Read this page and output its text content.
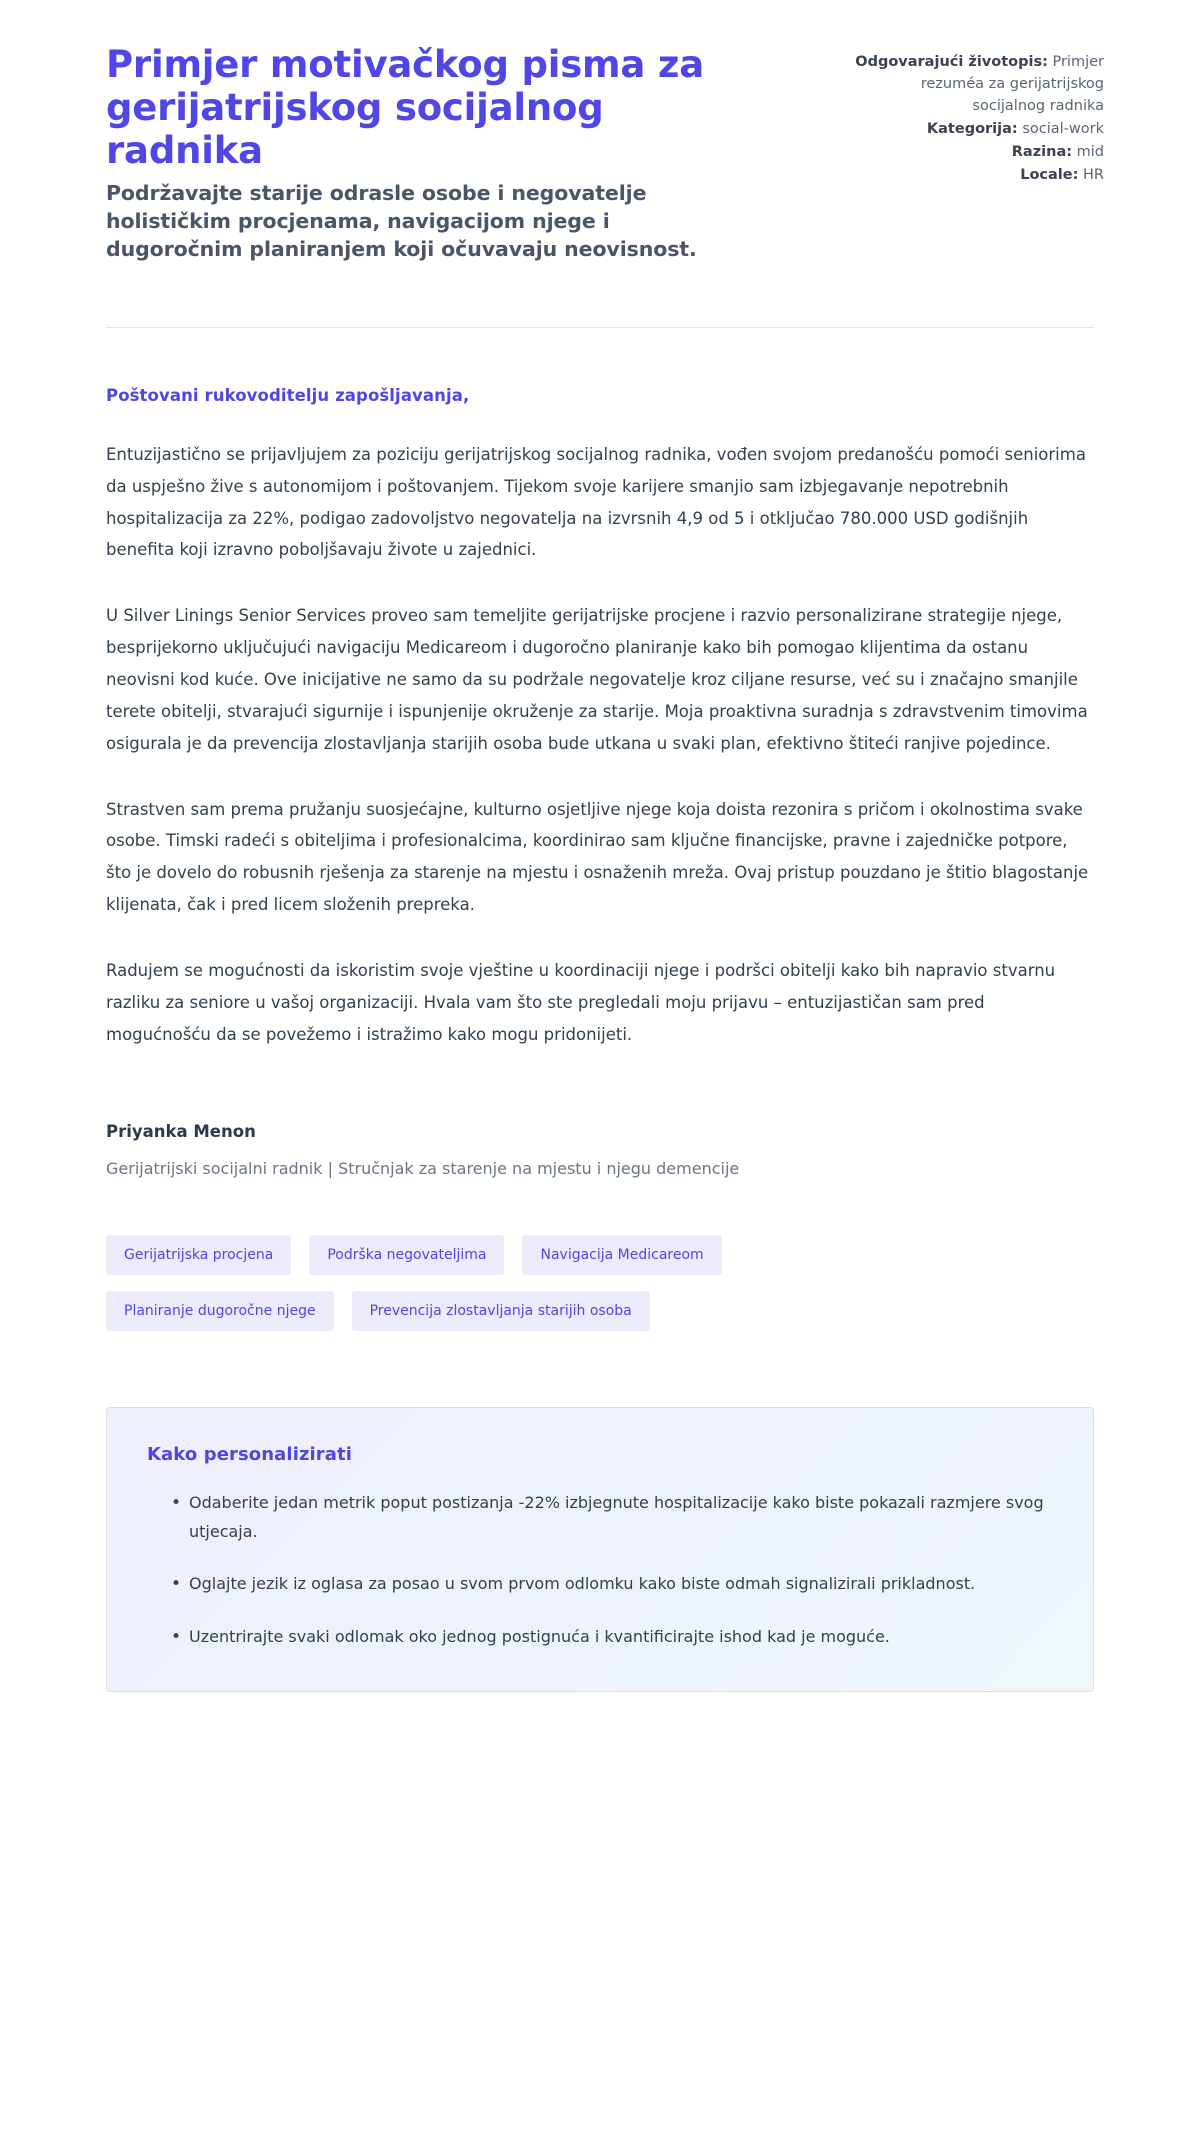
Primjer motivačkog pisma za gerijatrijskog socijalnog radnika

Podržavajte starije odrasle osobe i negovatelje holističkim procjenama, navigacijom njege i dugoročnim planiranjem koji očuvavaju neovisnost.

Odgovarajući životopis: Primjer rezuméa za gerijatrijskog socijalnog radnika
Kategorija: social-work
Razina: mid
Locale: HR

Poštovani rukovoditelju zapošljavanja,

Entuzijastično se prijavljujem za poziciju gerijatrijskog socijalnog radnika, vođen svojom predanošću pomoći seniorima da uspješno žive s autonomijom i poštovanjem. Tijekom svoje karijere smanjio sam izbjegavanje nepotrebnih hospitalizacija za 22%, podigao zadovoljstvo negovatelja na izvrsnih 4,9 od 5 i otključao 780.000 USD godišnjih benefita koji izravno poboljšavaju živote u zajednici.

U Silver Linings Senior Services proveo sam temeljite gerijatrijske procjene i razvio personalizirane strategije njege, besprijekorno uključujući navigaciju Medicareom i dugoročno planiranje kako bih pomogao klijentima da ostanu neovisni kod kuće. Ove inicijative ne samo da su podržale negovatelje kroz ciljane resurse, već su i značajno smanjile terete obitelji, stvarajući sigurnije i ispunjenije okruženje za starije. Moja proaktivna suradnja s zdravstvenim timovima osigurala je da prevencija zlostavljanja starijih osoba bude utkana u svaki plan, efektivno štiteći ranjive pojedince.

Strastven sam prema pružanju suosjećajne, kulturno osjetljive njege koja doista rezonira s pričom i okolnostima svake osobe. Timski radeći s obiteljima i profesionalcima, koordinirao sam ključne financijske, pravne i zajedničke potpore, što je dovelo do robusnih rješenja za starenje na mjestu i osnaženih mreža. Ovaj pristup pouzdano je štitio blagostanje klijenata, čak i pred licem složenih prepreka.

Radujem se mogućnosti da iskoristim svoje vještine u koordinaciji njege i podršci obitelji kako bih napravio stvarnu razliku za seniore u vašoj organizaciji. Hvala vam što ste pregledali moju prijavu – entuzijastičan sam pred mogućnošću da se povežemo i istražimo kako mogu pridonijeti.

Priyanka Menon

Gerijatrijski socijalni radnik | Stručnjak za starenje na mjestu i njegu demencije

Gerijatrijska procjena	Podrška negovateljima	Navigacija Medicareom
Planiranje dugoročne njege	Prevencija zlostavljanja starijih osoba

Kako personalizirati

• Odaberite jedan metrik poput postizanja -22% izbjegnute hospitalizacije kako biste pokazali razmjere svog utjecaja.
• Oglajte jezik iz oglasa za posao u svom prvom odlomku kako biste odmah signalizirali prikladnost.
• Uzentrirajte svaki odlomak oko jednog postignuća i kvantificirajte ishod kad je moguće.
